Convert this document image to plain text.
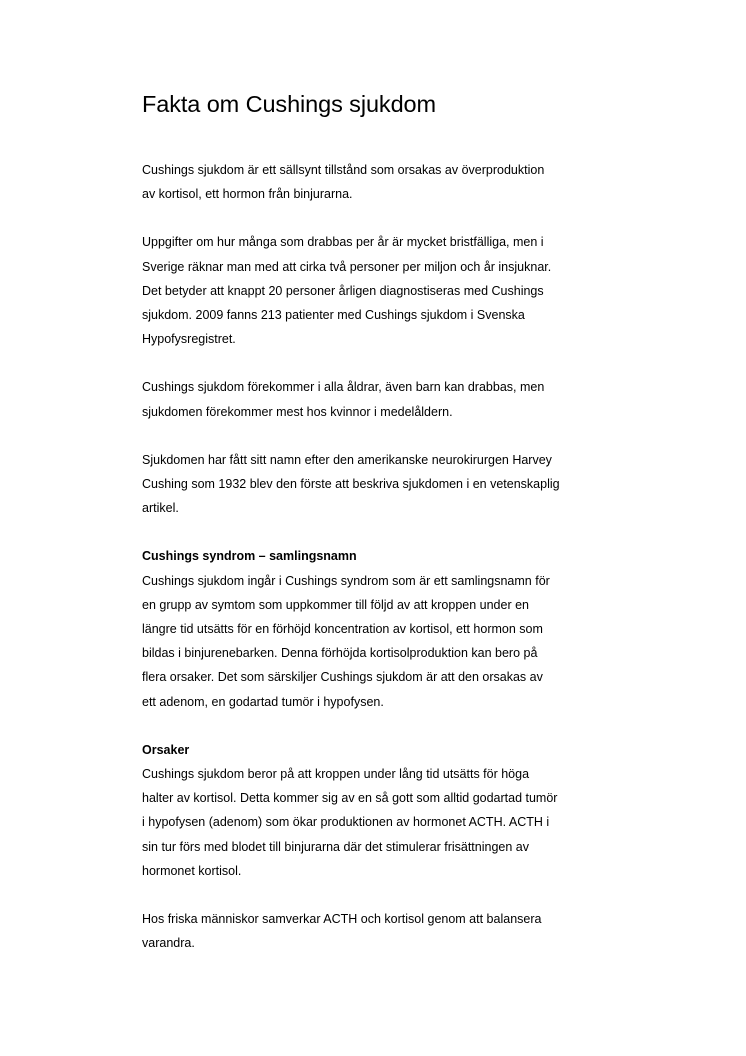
Fakta om Cushings sjukdom

Cushings sjukdom är ett sällsynt tillstånd som orsakas av överproduktion
av kortisol, ett hormon från binjurarna.

Uppgifter om hur många som drabbas per år är mycket bristfälliga, men i
Sverige räknar man med att cirka två personer per miljon och år insjuknar.
Det betyder att knappt 20 personer årligen diagnostiseras med Cushings
sjukdom. 2009 fanns 213 patienter med Cushings sjukdom i Svenska
Hypofysregistret.

Cushings sjukdom förekommer i alla åldrar, även barn kan drabbas, men
sjukdomen förekommer mest hos kvinnor i medelåldern.

Sjukdomen har fått sitt namn efter den amerikanske neurokirurgen Harvey
Cushing som 1932 blev den förste att beskriva sjukdomen i en vetenskaplig
artikel.

Cushings syndrom – samlingsnamn

Cushings sjukdom ingår i Cushings syndrom som är ett samlingsnamn för
en grupp av symtom som uppkommer till följd av att kroppen under en
längre tid utsätts för en förhöjd koncentration av kortisol, ett hormon som
bildas i binjurenebarken. Denna förhöjda kortisolproduktion kan bero på
flera orsaker. Det som särskiljer Cushings sjukdom är att den orsakas av
ett adenom, en godartad tumör i hypofysen.

Orsaker

Cushings sjukdom beror på att kroppen under lång tid utsätts för höga
halter av kortisol. Detta kommer sig av en så gott som alltid godartad tumör
i hypofysen (adenom) som ökar produktionen av hormonet ACTH. ACTH i
sin tur förs med blodet till binjurarna där det stimulerar frisättningen av
hormonet kortisol.

Hos friska människor samverkar ACTH och kortisol genom att balansera
varandra.
